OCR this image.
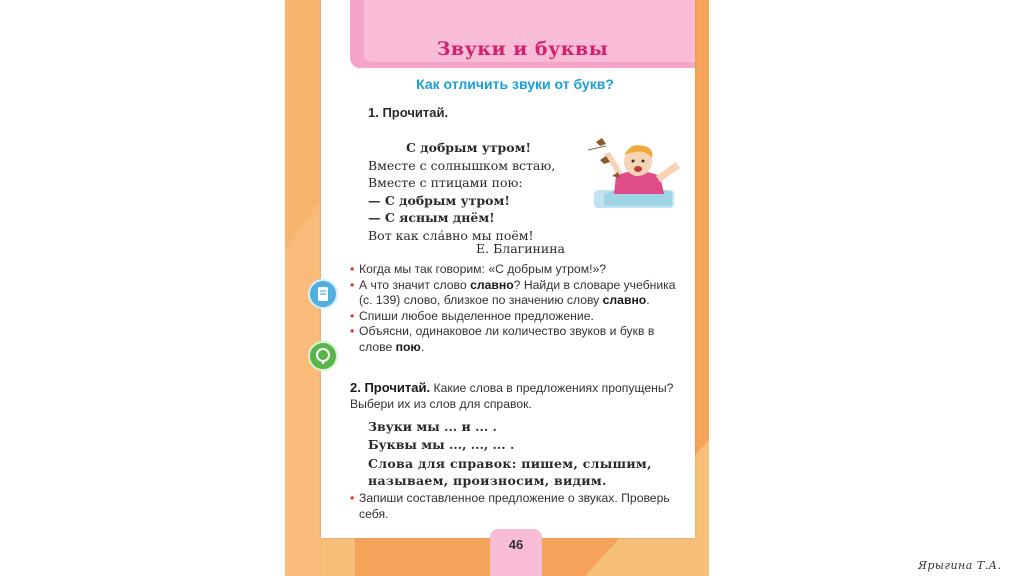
Звуки и буквы
Как отличить звуки от букв?
1. Прочитай.
С добрым утром!
Вместе с солнышком встаю,
Вместе с птицами пою:
— С добрым утром!
— С ясным днём!
Вот как сла́вно мы поём!
Е. Благинина
• Когда мы так говорим: «С добрым утром!»?
• А что значит слово славно? Найди в словаре учебника (с. 139) слово, близкое по значению слову славно.
• Спиши любое выделенное предложение.
• Объясни, одинаковое ли количество звуков и букв в слове пою.
2. Прочитай. Какие слова в предложениях пропущены? Выбери их из слов для справок.
Звуки мы ... и ... .
Буквы мы ..., ..., ... .
Слова для справок: пишем, слышим, называем, произносим, видим.
• Запиши составленное предложение о звуках. Проверь себя.
46
Ярыгина Т.А.
